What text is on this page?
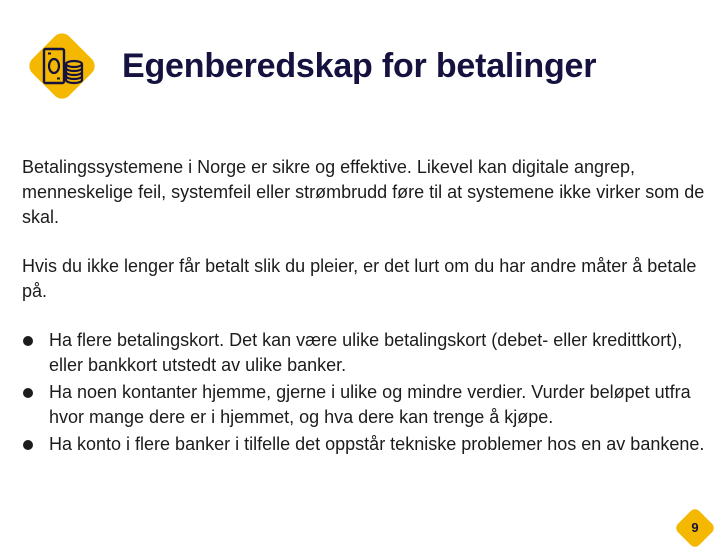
Egenberedskap for betalinger

Betalingssystemene i Norge er sikre og effektive. Likevel kan digitale angrep, menneskelige feil, systemfeil eller strømbrudd føre til at systemene ikke virker som de skal.

Hvis du ikke lenger får betalt slik du pleier, er det lurt om du har andre måter å betale på.

Ha flere betalingskort. Det kan være ulike betalingskort (debet- eller kredittkort), eller bankkort utstedt av ulike banker.
Ha noen kontanter hjemme, gjerne i ulike og mindre verdier. Vurder beløpet utfra hvor mange dere er i hjemmet, og hva dere kan trenge å kjøpe.
Ha konto i flere banker i tilfelle det oppstår tekniske problemer hos en av bankene.
9
